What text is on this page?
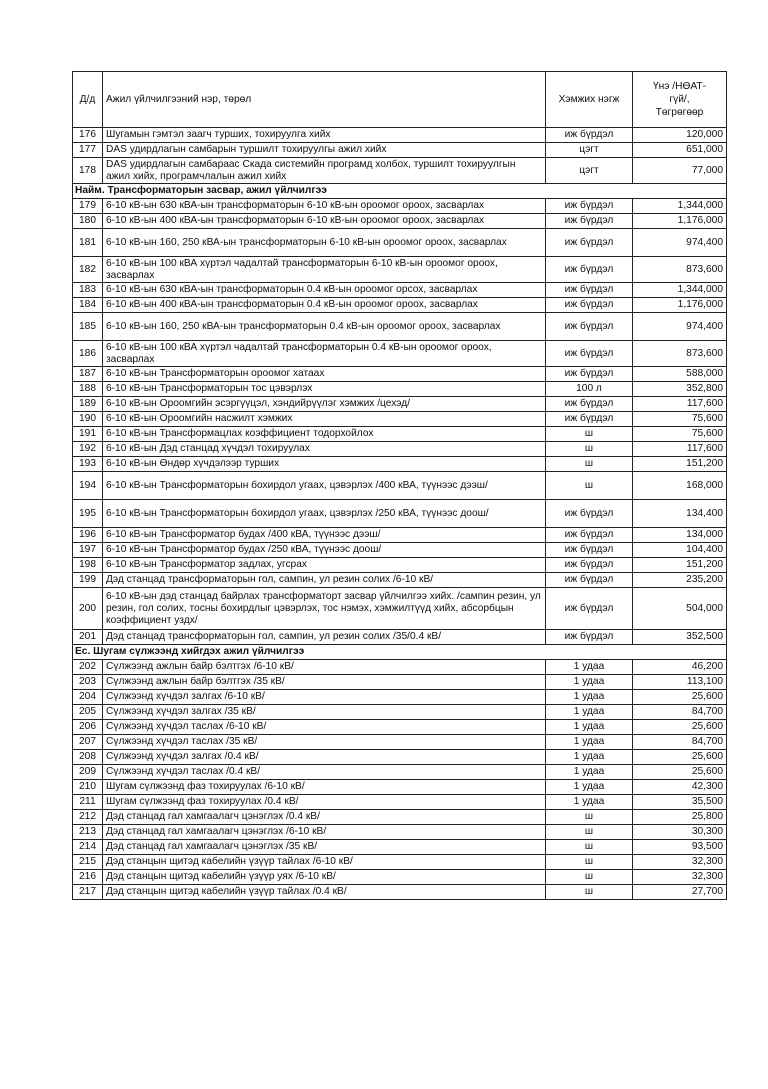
Д/д	Ажил үйлчилгээний нэр, төрөл	Хэмжих нэгж	Үнэ /НӨАТ-
гүй/,
Төгрөгөөр

176	Шугамын гэмтэл заагч турших, тохируулга хийх	иж бүрдэл	120,000
177	DAS удирдлагын самбарын туршилт тохируулгы ажил хийх	цэгт	651,000
178	DAS удирдлагын самбараас Скада системийн програмд холбох, туршилт тохируулгын ажил хийх, програмчлалын ажил хийх	цэгт	77,000
Найм. Трансформаторын засвар, ажил үйлчилгээ			
179	6-10 кВ-ын 630 кВА-ын трансформаторын 6-10 кВ-ын ороомог ороох, засварлах	иж бүрдэл	1,344,000
180	6-10 кВ-ын 400 кВА-ын трансформаторын 6-10 кВ-ын ороомог ороох, засварлах	иж бүрдэл	1,176,000
181	6-10 кВ-ын 160, 250 кВА-ын трансформаторын 6-10 кВ-ын ороомог ороох, засварлах	иж бүрдэл	974,400
182	6-10 кВ-ын 100 кВА хүртэл чадалтай трансформаторын 6-10 кВ-ын ороомог ороох, засварлах	иж бүрдэл	873,600
183	6-10 кВ-ын 630 кВА-ын трансформаторын 0.4 кВ-ын ороомог орсох, засварлах	иж бүрдэл	1,344,000
184	6-10 кВ-ын 400 кВА-ын трансформаторын 0.4 кВ-ын ороомог ороох, засварлах	иж бүрдэл	1,176,000
185	6-10 кВ-ын 160, 250 кВА-ын трансформаторын 0.4 кВ-ын ороомог ороох, засварлах	иж бүрдэл	974,400
186	6-10 кВ-ын 100 кВА хүртэл чадалтай трансформаторын 0.4 кВ-ын ороомог ороох, засварлах	иж бүрдэл	873,600
187	6-10 кВ-ын Трансформаторын ороомог хатаах	иж бүрдэл	588,000
188	6-10 кВ-ын Трансформаторын тос цэвэрлэх	100 л	352,800
189	6-10 кВ-ын Ороомгийн эсэргүүцэл, хэндийрүүлэг хэмжих /цехэд/	иж бүрдэл	117,600
190	6-10 кВ-ын Ороомгийн насжилт хэмжих	иж бүрдэл	75,600
191	6-10 кВ-ын Трансформацлах коэффициент тодорхойлох	ш	75,600
192	6-10 кВ-ын Дэд станцад хүчдэл тохируулах	ш	117,600
193	6-10 кВ-ын Өндөр хүчдэлээр турших	ш	151,200
194	6-10 кВ-ын Трансформаторын бохирдол угаах, цэвэрлэх /400 кВА, түүнээс дээш/	ш	168,000
195	6-10 кВ-ын Трансформаторын бохирдол угаах, цэвэрлэх /250 кВА, түүнээс доош/	иж бүрдэл	134,400
196	6-10 кВ-ын Трансформатор будах /400 кВА, түүнээс дээш/	иж бүрдэл	134,000
197	6-10 кВ-ын Трансформатор будах /250 кВА, түүнээс доош/	иж бүрдэл	104,400
198	6-10 кВ-ын Трансформатор задлах, угсрах	иж бүрдэл	151,200
199	Дэд станцад трансформаторын гол, сампин, ул резин солих /6-10 кВ/	иж бүрдэл	235,200
200	6-10 кВ-ын дэд станцад байрлах трансформаторт засвар үйлчилгээ хийх. /сампин резин, ул резин, гол солих, тосны бохирдлыг цэвэрлэх, тос нэмэх, хэмжилтүүд хийх, абсорбцын коэффициент уздх/	иж бүрдэл	504,000
201	Дэд станцад трансформаторын гол, сампин, ул резин солих /35/0.4 кВ/	иж бүрдэл	352,500
Ес. Шугам сүлжээнд хийгдэх ажил үйлчилгээ			
202	Сүлжээнд ажлын байр бэлтгэх /6-10 кВ/	1 удаа	46,200
203	Сүлжээнд ажлын байр бэлтгэх /35 кВ/	1 удаа	113,100
204	Сүлжээнд хүчдэл залгах /6-10 кВ/	1 удаа	25,600
205	Сүлжээнд хүчдэл залгах /35 кВ/	1 удаа	84,700
206	Сүлжээнд хүчдэл таслах /6-10 кВ/	1 удаа	25,600
207	Сүлжээнд хүчдэл таслах /35 кВ/	1 удаа	84,700
208	Сүлжээнд хүчдэл залгах /0.4 кВ/	1 удаа	25,600
209	Сүлжээнд хүчдэл таслах /0.4 кВ/	1 удаа	25,600
210	Шугам сүлжээнд фаз тохируулах /6-10 кВ/	1 удаа	42,300
211	Шугам сүлжээнд фаз тохируулах /0.4 кВ/	1 удаа	35,500
212	Дэд станцад гал хамгаалагч цэнэглэх /0.4 кВ/	ш	25,800
213	Дэд станцад гал хамгаалагч цэнэглэх /6-10 кВ/	ш	30,300
214	Дэд станцад гал хамгаалагч цэнэглэх /35 кВ/	ш	93,500
215	Дэд станцын щитэд кабелийн үзүүр тайлах /6-10 кВ/	ш	32,300
216	Дэд станцын щитэд кабелийн үзүүр уях /6-10 кВ/	ш	32,300
217	Дэд станцын щитэд кабелийн үзүүр тайлах /0.4 кВ/	ш	27,700
